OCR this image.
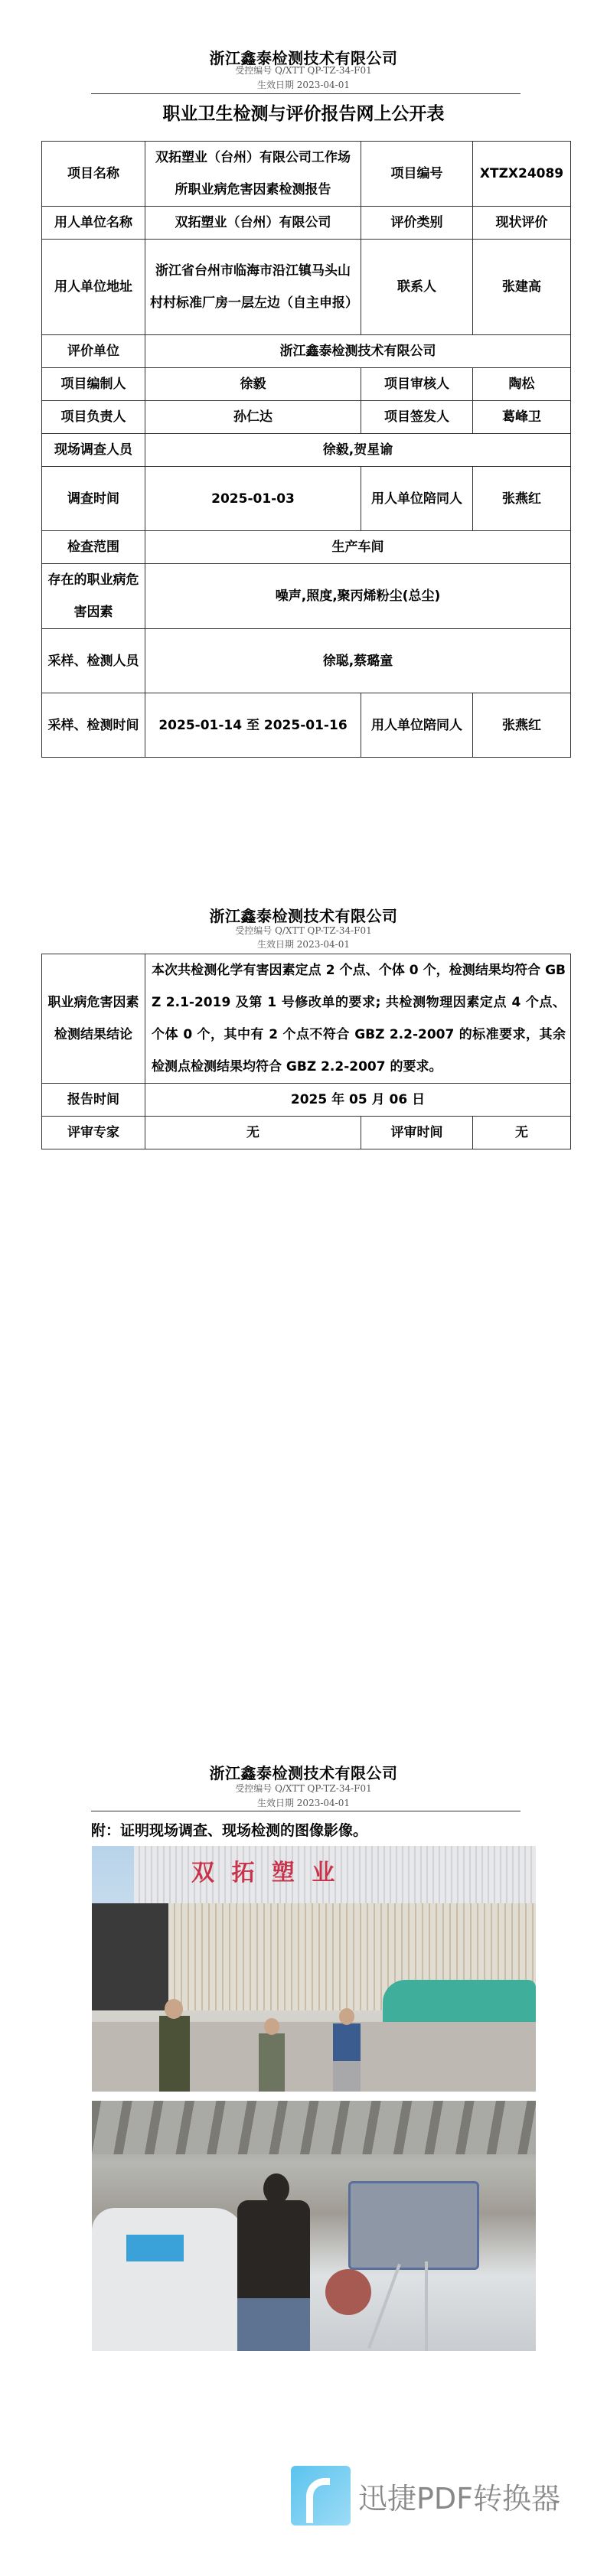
浙江鑫泰检测技术有限公司
受控编号 Q/XTT QP-TZ-34-F01
生效日期 2023-04-01
职业卫生检测与评价报告网上公开表
项目名称	双拓塑业（台州）有限公司工作场所职业病危害因素检测报告	项目编号	XTZX24089
用人单位名称	双拓塑业（台州）有限公司	评价类别	现状评价
用人单位地址	浙江省台州市临海市沿江镇马头山村村标准厂房一层左边（自主申报）	联系人	张建高
评价单位	浙江鑫泰检测技术有限公司		
项目编制人	徐毅	项目审核人	陶松
项目负责人	孙仁达	项目签发人	葛峰卫
现场调查人员	徐毅,贺星谕		
调查时间	2025-01-03	用人单位陪同人	张燕红
检查范围	生产车间		
存在的职业病危害因素	噪声,照度,聚丙烯粉尘(总尘)		
采样、检测人员	徐聪,蔡璐童		
采样、检测时间	2025-01-14 至 2025-01-16	用人单位陪同人	张燕红
浙江鑫泰检测技术有限公司
受控编号 Q/XTT QP-TZ-34-F01
生效日期 2023-04-01
职业病危害因素检测结果结论	本次共检测化学有害因素定点 2 个点、个体 0 个，检测结果均符合 GBZ 2.1-2019 及第 1 号修改单的要求; 共检测物理因素定点 4 个点、个体 0 个，其中有 2 个点不符合 GBZ 2.2-2007 的标准要求，其余检测点检测结果均符合 GBZ 2.2-2007 的要求。		
报告时间	2025 年 05 月 06 日		
评审专家	无	评审时间	无
浙江鑫泰检测技术有限公司
受控编号 Q/XTT QP-TZ-34-F01
生效日期 2023-04-01
附：证明现场调查、现场检测的图像影像。
双 拓 塑 业
迅捷PDF转换器
